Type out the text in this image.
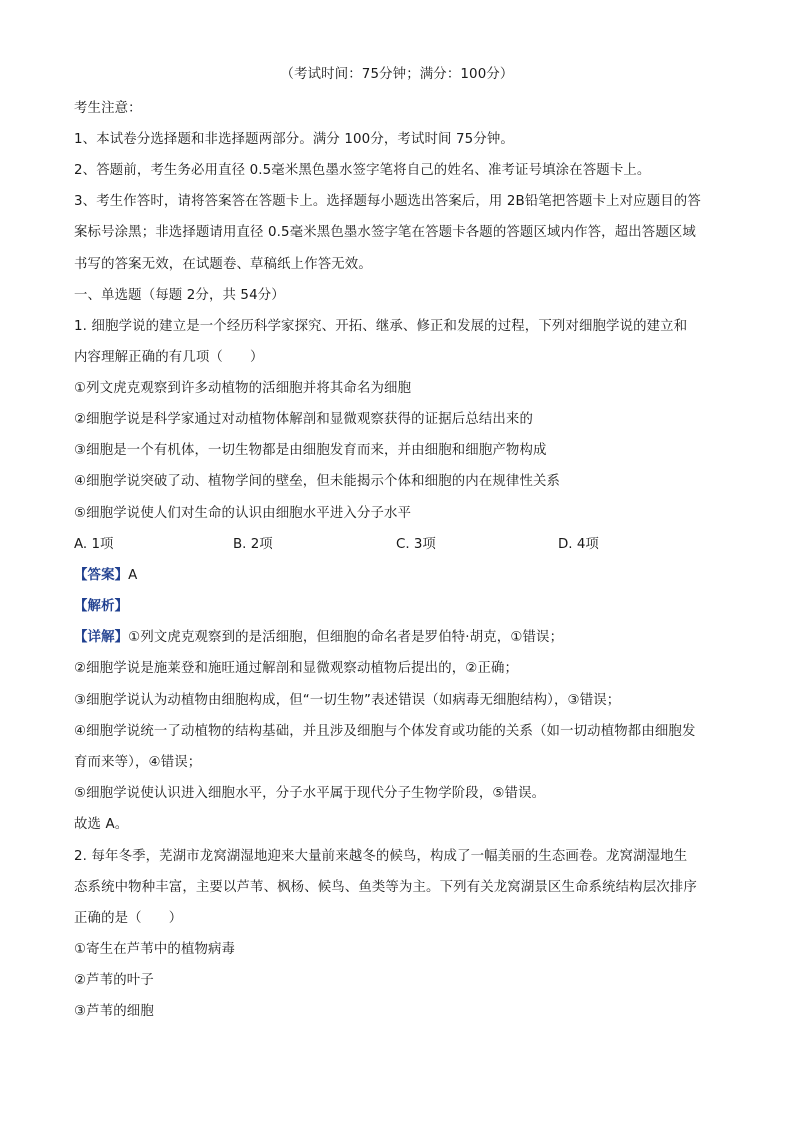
（考试时间：75分钟；满分：100分）
考生注意：
1、本试卷分选择题和非选择题两部分。满分 100分，考试时间 75分钟。
2、答题前，考生务必用直径 0.5毫米黑色墨水签字笔将自己的姓名、准考证号填涂在答题卡上。
3、考生作答时，请将答案答在答题卡上。选择题每小题选出答案后，用 2B铅笔把答题卡上对应题目的答
案标号涂黑；非选择题请用直径 0.5毫米黑色墨水签字笔在答题卡各题的答题区域内作答，超出答题区域
书写的答案无效，在试题卷、草稿纸上作答无效。
一、单选题（每题 2分，共 54分）
1. 细胞学说的建立是一个经历科学家探究、开拓、继承、修正和发展的过程，下列对细胞学说的建立和
内容理解正确的有几项（　　）
①列文虎克观察到许多动植物的活细胞并将其命名为细胞
②细胞学说是科学家通过对动植物体解剖和显微观察获得的证据后总结出来的
③细胞是一个有机体，一切生物都是由细胞发育而来，并由细胞和细胞产物构成
④细胞学说突破了动、植物学间的壁垒，但未能揭示个体和细胞的内在规律性关系
⑤细胞学说使人们对生命的认识由细胞水平进入分子水平
A. 1项	B. 2项	C. 3项	D. 4项
【答案】A
【解析】
【详解】①列文虎克观察到的是活细胞，但细胞的命名者是罗伯特·胡克，①错误；
②细胞学说是施莱登和施旺通过解剖和显微观察动植物后提出的，②正确；
③细胞学说认为动植物由细胞构成，但“一切生物”表述错误（如病毒无细胞结构），③错误；
④细胞学说统一了动植物的结构基础，并且涉及细胞与个体发育或功能的关系（如一切动植物都由细胞发
育而来等），④错误；
⑤细胞学说使认识进入细胞水平，分子水平属于现代分子生物学阶段，⑤错误。
故选 A。
2. 每年冬季，芜湖市龙窝湖湿地迎来大量前来越冬的候鸟，构成了一幅美丽的生态画卷。龙窝湖湿地生
态系统中物种丰富，主要以芦苇、枫杨、候鸟、鱼类等为主。下列有关龙窝湖景区生命系统结构层次排序
正确的是（　　）
①寄生在芦苇中的植物病毒
②芦苇的叶子
③芦苇的细胞
